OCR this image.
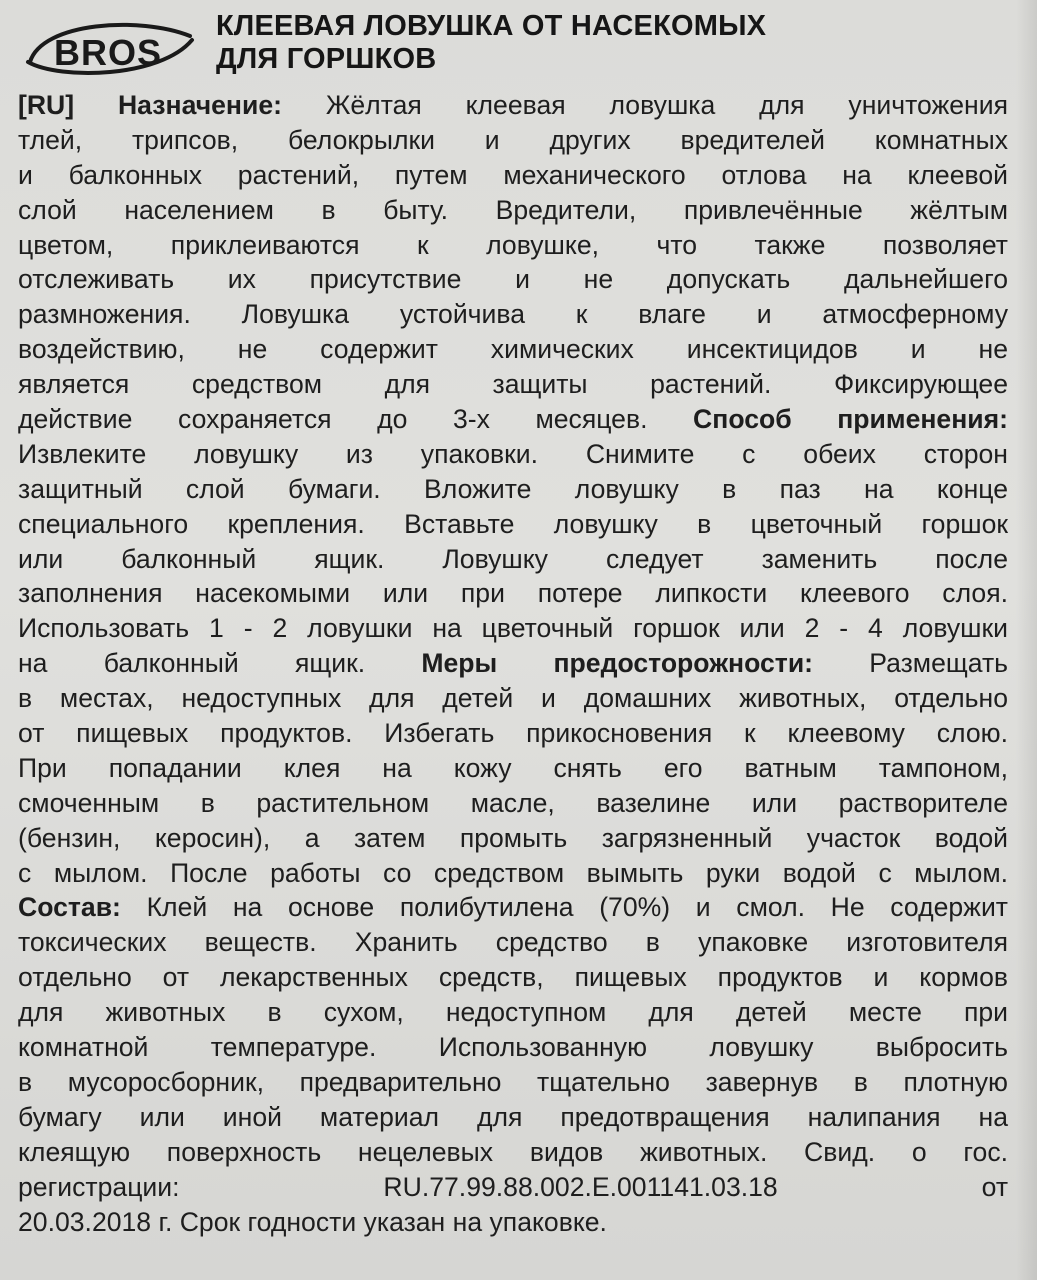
BROS
КЛЕЕВАЯ ЛОВУШКА ОТ НАСЕКОМЫХ
ДЛЯ ГОРШКОВ
[RU] Назначение: Жёлтая клеевая ловушка для уничтожения
тлей, трипсов, белокрылки и других вредителей комнатных
и балконных растений, путем механического отлова на клеевой
слой населением в быту. Вредители, привлечённые жёлтым
цветом, приклеиваются к ловушке, что также позволяет
отслеживать их присутствие и не допускать дальнейшего
размножения. Ловушка устойчива к влаге и атмосферному
воздействию, не содержит химических инсектицидов и не
является средством для защиты растений. Фиксирующее
действие сохраняется до 3-х месяцев. Способ применения:
Извлеките ловушку из упаковки. Снимите с обеих сторон
защитный слой бумаги. Вложите ловушку в паз на конце
специального крепления. Вставьте ловушку в цветочный горшок
или балконный ящик. Ловушку следует заменить после
заполнения насекомыми или при потере липкости клеевого слоя.
Использовать 1 - 2 ловушки на цветочный горшок или 2 - 4 ловушки
на балконный ящик. Меры предосторожности: Размещать
в местах, недоступных для детей и домашних животных, отдельно
от пищевых продуктов. Избегать прикосновения к клеевому слою.
При попадании клея на кожу снять его ватным тампоном,
смоченным в растительном масле, вазелине или растворителе
(бензин, керосин), а затем промыть загрязненный участок водой
с мылом. После работы со средством вымыть руки водой с мылом.
Состав: Клей на основе полибутилена (70%) и смол. Не содержит
токсических веществ. Хранить средство в упаковке изготовителя
отдельно от лекарственных средств, пищевых продуктов и кормов
для животных в сухом, недоступном для детей месте при
комнатной температуре. Использованную ловушку выбросить
в мусоросборник, предварительно тщательно завернув в плотную
бумагу или иной материал для предотвращения налипания на
клеящую поверхность нецелевых видов животных. Свид. о гос.
регистрации: RU.77.99.88.002.Е.001141.03.18 от
20.03.2018 г. Срок годности указан на упаковке.
